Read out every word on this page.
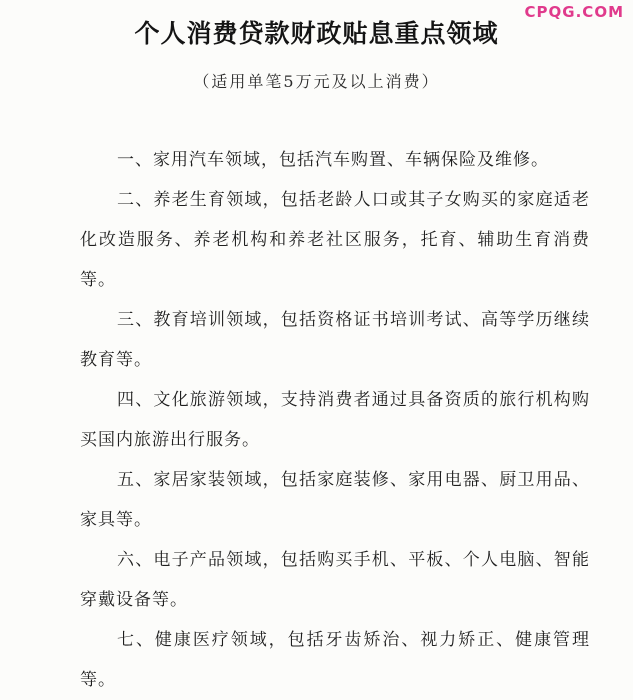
CPQG.COM
个人消费贷款财政贴息重点领域
（适用单笔5万元及以上消费）

一、家用汽车领域，包括汽车购置、车辆保险及维修。

二、养老生育领域，包括老龄人口或其子女购买的家庭适老化改造服务、养老机构和养老社区服务，托育、辅助生育消费等。

三、教育培训领域，包括资格证书培训考试、高等学历继续教育等。

四、文化旅游领域，支持消费者通过具备资质的旅行机构购买国内旅游出行服务。

五、家居家装领域，包括家庭装修、家用电器、厨卫用品、家具等。

六、电子产品领域，包括购买手机、平板、个人电脑、智能穿戴设备等。

七、健康医疗领域，包括牙齿矫治、视力矫正、健康管理等。
